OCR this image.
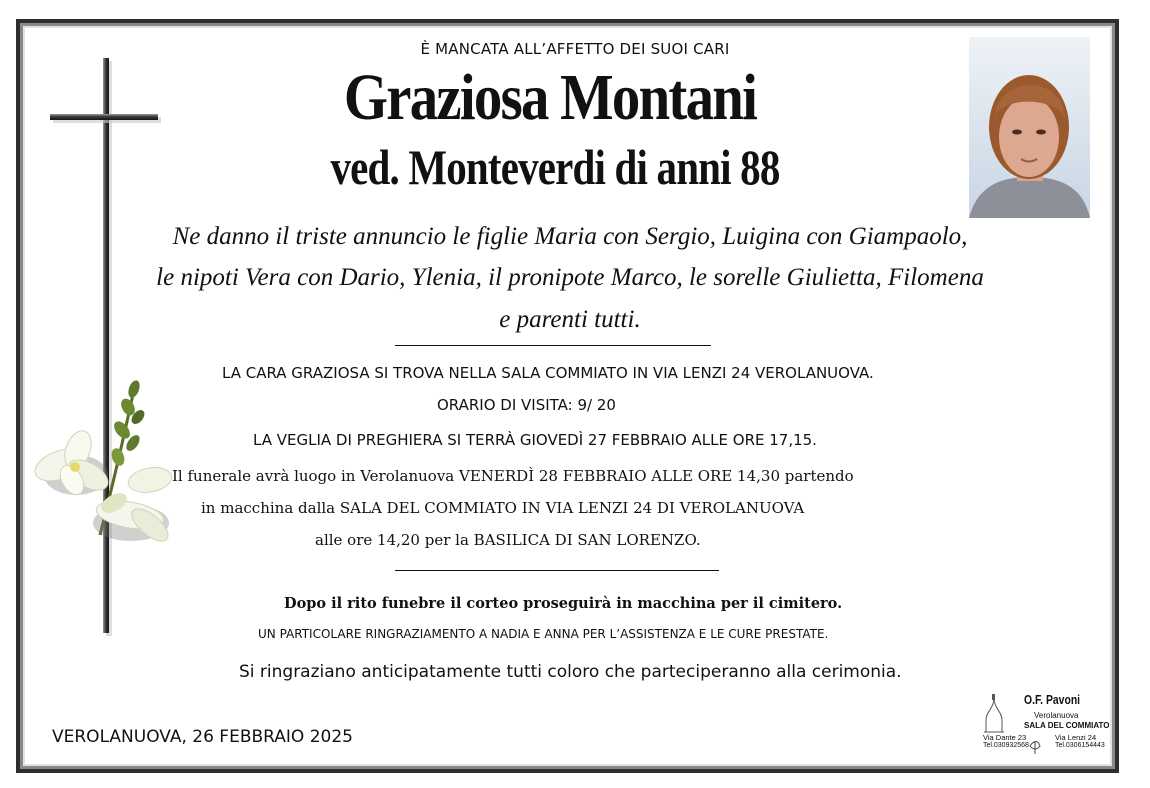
È MANCATA ALL’AFFETTO DEI SUOI CARI
Graziosa Montani
ved. Monteverdi di anni 88
Ne danno il triste annuncio le figlie Maria con Sergio, Luigina con Giampaolo,
le nipoti Vera con Dario, Ylenia, il pronipote Marco, le sorelle Giulietta, Filomena
e parenti tutti.
LA CARA GRAZIOSA SI TROVA NELLA SALA COMMIATO IN VIA LENZI 24 VEROLANUOVA.
ORARIO DI VISITA: 9/ 20
LA VEGLIA DI PREGHIERA SI TERRÀ GIOVEDÌ 27 FEBBRAIO ALLE ORE 17,15.
Il funerale avrà luogo in Verolanuova VENERDÌ 28 FEBBRAIO ALLE ORE 14,30 partendo
in macchina dalla SALA DEL COMMIATO IN VIA LENZI 24 DI VEROLANUOVA
alle ore 14,20 per la BASILICA DI SAN LORENZO.
Dopo il rito funebre il corteo proseguirà in macchina per il cimitero.
UN PARTICOLARE RINGRAZIAMENTO A NADIA E ANNA PER L’ASSISTENZA E LE CURE PRESTATE.
Si ringraziano anticipatamente tutti coloro che parteciperanno alla cerimonia.
VEROLANUOVA, 26 FEBBRAIO 2025
O.F. Pavoni
Verolanuova
SALA DEL COMMIATO
Via Dante 23
Tel.030932568
Via Lenzi 24
Tel.0306154443
